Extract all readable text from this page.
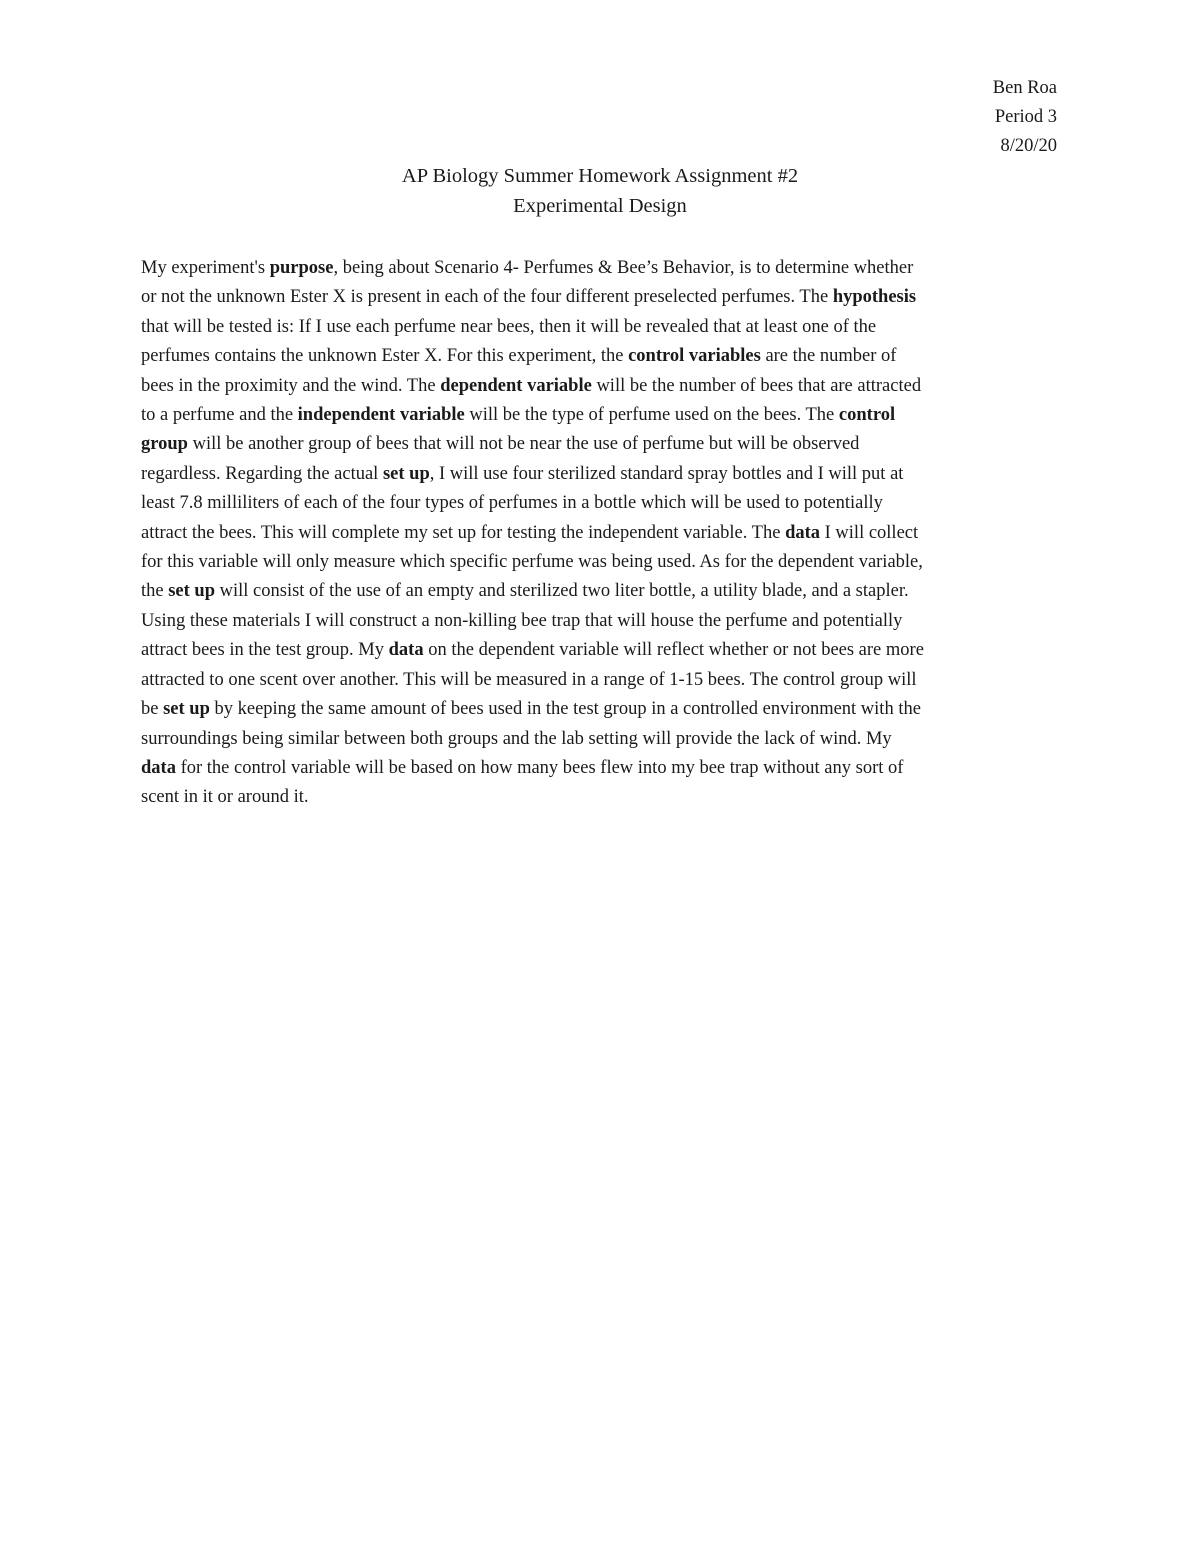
Ben Roa
Period 3
8/20/20
AP Biology Summer Homework Assignment #2
Experimental Design
My experiment's purpose, being about Scenario 4- Perfumes & Bee’s Behavior, is to determine whether
or not the unknown Ester X is present in each of the four different preselected perfumes. The hypothesis
that will be tested is: If I use each perfume near bees, then it will be revealed that at least one of the
perfumes contains the unknown Ester X. For this experiment, the control variables are the number of
bees in the proximity and the wind. The dependent variable will be the number of bees that are attracted
to a perfume and the independent variable will be the type of perfume used on the bees. The control
group will be another group of bees that will not be near the use of perfume but will be observed
regardless. Regarding the actual set up, I will use four sterilized standard spray bottles and I will put at
least 7.8 milliliters of each of the four types of perfumes in a bottle which will be used to potentially
attract the bees. This will complete my set up for testing the independent variable. The data I will collect
for this variable will only measure which specific perfume was being used. As for the dependent variable,
the set up will consist of the use of an empty and sterilized two liter bottle, a utility blade, and a stapler.
Using these materials I will construct a non-killing bee trap that will house the perfume and potentially
attract bees in the test group. My data on the dependent variable will reflect whether or not bees are more
attracted to one scent over another. This will be measured in a range of 1-15 bees. The control group will
be set up by keeping the same amount of bees used in the test group in a controlled environment with the
surroundings being similar between both groups and the lab setting will provide the lack of wind. My
data for the control variable will be based on how many bees flew into my bee trap without any sort of
scent in it or around it.
